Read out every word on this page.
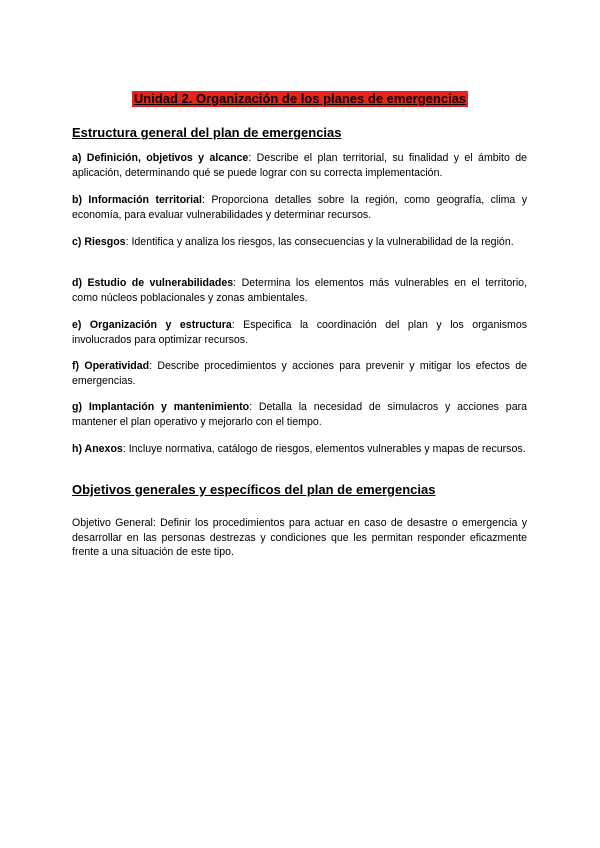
Unidad 2. Organización de los planes de emergencias

Estructura general del plan de emergencias

a) Definición, objetivos y alcance: Describe el plan territorial, su finalidad y el ámbito de aplicación, determinando qué se puede lograr con su correcta implementación.

b) Información territorial: Proporciona detalles sobre la región, como geografía, clima y economía, para evaluar vulnerabilidades y determinar recursos.

c) Riesgos: Identifica y analiza los riesgos, las consecuencias y la vulnerabilidad de la región.

d) Estudio de vulnerabilidades: Determina los elementos más vulnerables en el territorio, como núcleos poblacionales y zonas ambientales.

e) Organización y estructura: Especifica la coordinación del plan y los organismos involucrados para optimizar recursos.

f) Operatividad: Describe procedimientos y acciones para prevenir y mitigar los efectos de emergencias.

g) Implantación y mantenimiento: Detalla la necesidad de simulacros y acciones para mantener el plan operativo y mejorarlo con el tiempo.

h) Anexos: Incluye normativa, catálogo de riesgos, elementos vulnerables y mapas de recursos.

Objetivos generales y específicos del plan de emergencias

Objetivo General: Definir los procedimientos para actuar en caso de desastre o emergencia y desarrollar en las personas destrezas y condiciones que les permitan responder eficazmente frente a una situación de este tipo.
